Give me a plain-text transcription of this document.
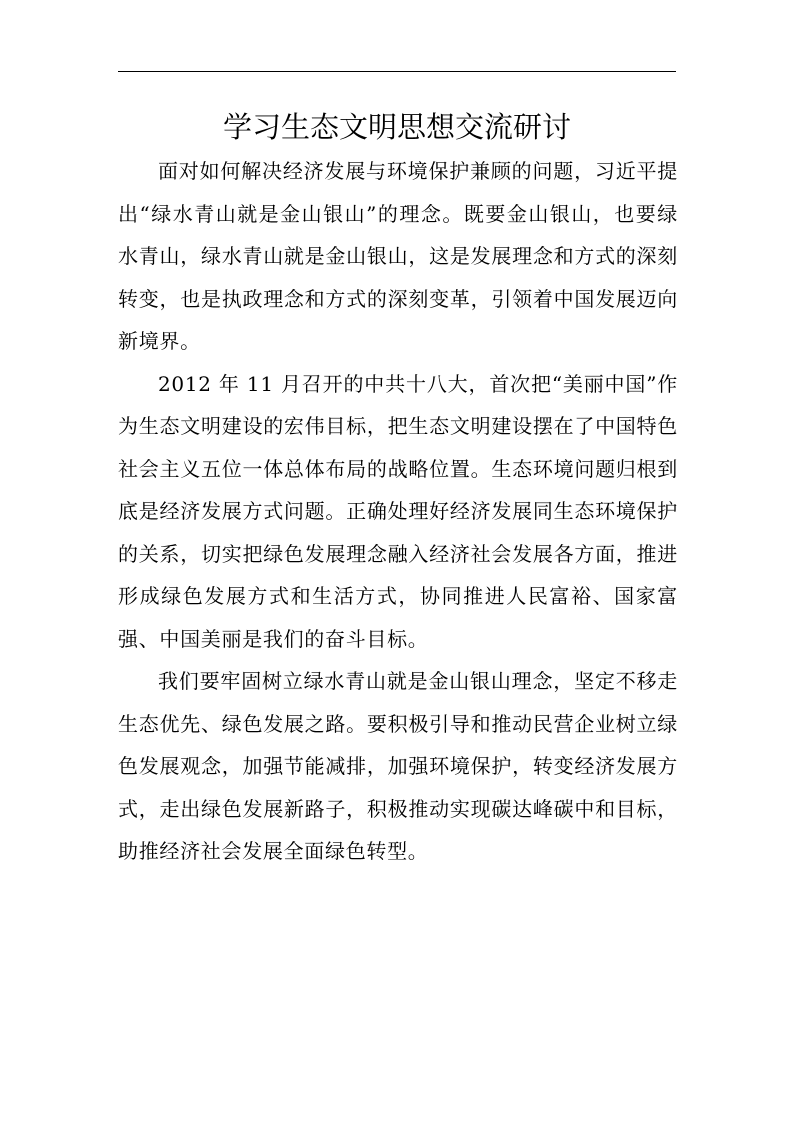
学习生态文明思想交流研讨

面对如何解决经济发展与环境保护兼顾的问题，习近平提出“绿水青山就是金山银山”的理念。既要金山银山，也要绿水青山，绿水青山就是金山银山，这是发展理念和方式的深刻转变，也是执政理念和方式的深刻变革，引领着中国发展迈向新境界。

2012 年 11 月召开的中共十八大，首次把“美丽中国”作为生态文明建设的宏伟目标，把生态文明建设摆在了中国特色社会主义五位一体总体布局的战略位置。生态环境问题归根到底是经济发展方式问题。正确处理好经济发展同生态环境保护的关系，切实把绿色发展理念融入经济社会发展各方面，推进形成绿色发展方式和生活方式，协同推进人民富裕、国家富强、中国美丽是我们的奋斗目标。

我们要牢固树立绿水青山就是金山银山理念，坚定不移走生态优先、绿色发展之路。要积极引导和推动民营企业树立绿色发展观念，加强节能减排，加强环境保护，转变经济发展方式，走出绿色发展新路子，积极推动实现碳达峰碳中和目标，助推经济社会发展全面绿色转型。
